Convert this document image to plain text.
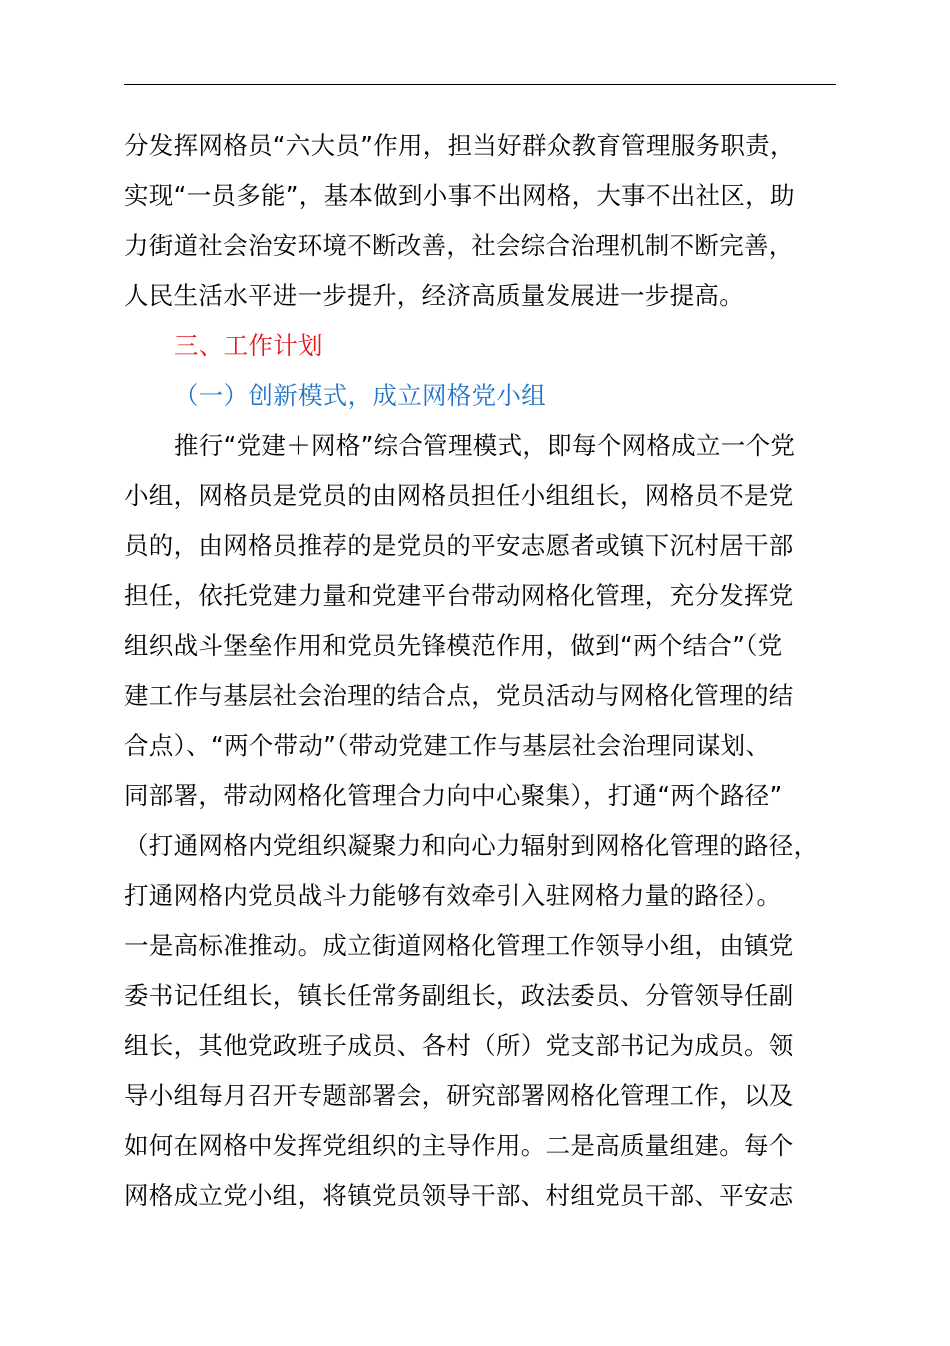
分发挥网格员“六大员”作用，担当好群众教育管理服务职责，
实现“一员多能”，基本做到小事不出网格，大事不出社区，助
力街道社会治安环境不断改善，社会综合治理机制不断完善，
人民生活水平进一步提升，经济高质量发展进一步提高。
三、工作计划
（一）创新模式，成立网格党小组
推行“党建＋网格”综合管理模式，即每个网格成立一个党
小组，网格员是党员的由网格员担任小组组长，网格员不是党
员的，由网格员推荐的是党员的平安志愿者或镇下沉村居干部
担任，依托党建力量和党建平台带动网格化管理，充分发挥党
组织战斗堡垒作用和党员先锋模范作用，做到“两个结合”（党
建工作与基层社会治理的结合点，党员活动与网格化管理的结
合点）、“两个带动”（带动党建工作与基层社会治理同谋划、
同部署，带动网格化管理合力向中心聚集），打通“两个路径”
（打通网格内党组织凝聚力和向心力辐射到网格化管理的路径，
打通网格内党员战斗力能够有效牵引入驻网格力量的路径）。
一是高标准推动。成立街道网格化管理工作领导小组，由镇党
委书记任组长，镇长任常务副组长，政法委员、分管领导任副
组长，其他党政班子成员、各村（所）党支部书记为成员。领
导小组每月召开专题部署会，研究部署网格化管理工作，以及
如何在网格中发挥党组织的主导作用。二是高质量组建。每个
网格成立党小组，将镇党员领导干部、村组党员干部、平安志
